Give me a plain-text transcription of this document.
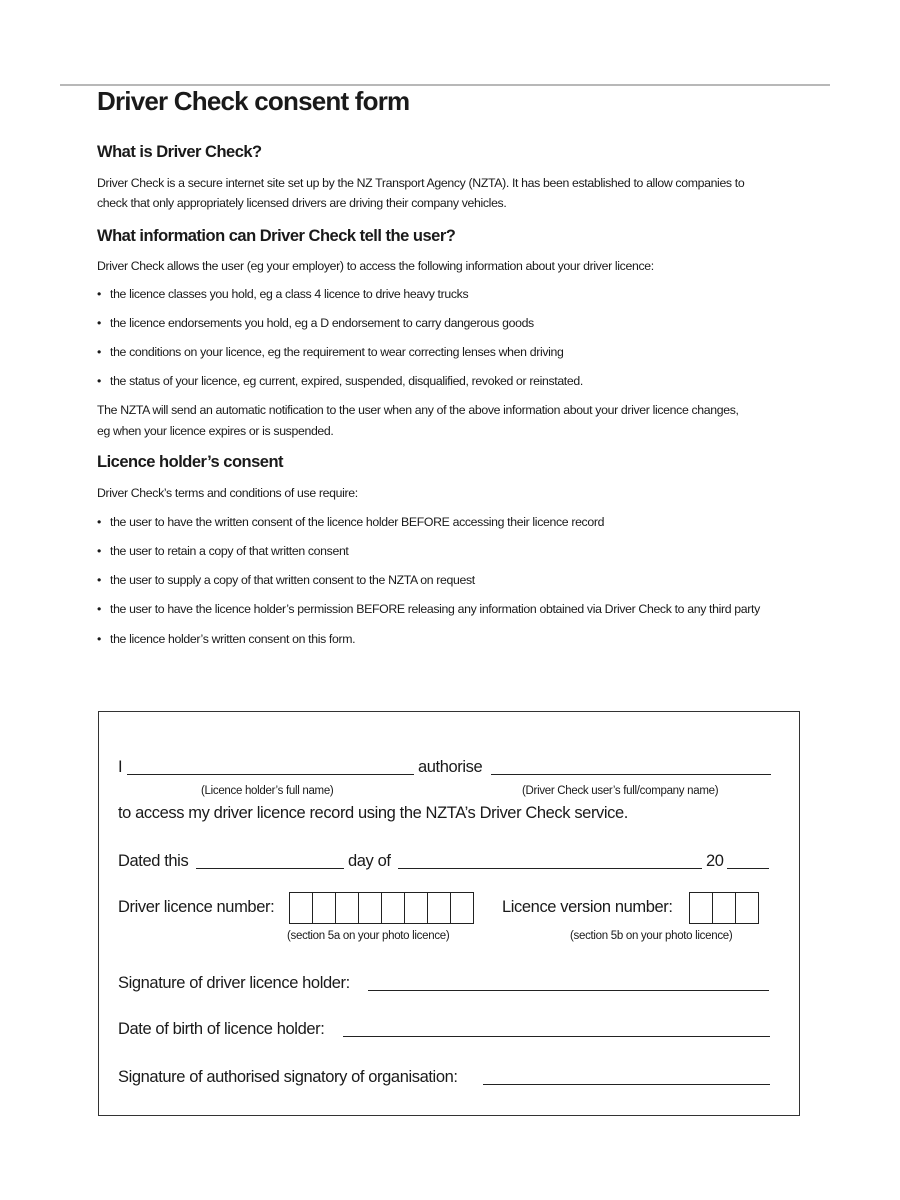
Driver Check consent form
What is Driver Check?
Driver Check is a secure internet site set up by the NZ Transport Agency (NZTA). It has been established to allow companies to
check that only appropriately licensed drivers are driving their company vehicles.
What information can Driver Check tell the user?
Driver Check allows the user (eg your employer) to access the following information about your driver licence:
• the licence classes you hold, eg a class 4 licence to drive heavy trucks
• the licence endorsements you hold, eg a D endorsement to carry dangerous goods
• the conditions on your licence, eg the requirement to wear correcting lenses when driving
• the status of your licence, eg current, expired, suspended, disqualified, revoked or reinstated.
The NZTA will send an automatic notification to the user when any of the above information about your driver licence changes,
eg when your licence expires or is suspended.
Licence holder’s consent
Driver Check’s terms and conditions of use require:
• the user to have the written consent of the licence holder BEFORE accessing their licence record
• the user to retain a copy of that written consent
• the user to supply a copy of that written consent to the NZTA on request
• the user to have the licence holder’s permission BEFORE releasing any information obtained via Driver Check to any third party
• the licence holder’s written consent on this form.
I	authorise
(Licence holder’s full name)	(Driver Check user’s full/company name)
to access my driver licence record using the NZTA’s Driver Check service.
Dated this	day of	20
Driver licence number:
(section 5a on your photo licence)
Licence version number:
(section 5b on your photo licence)
Signature of driver licence holder:
Date of birth of licence holder:
Signature of authorised signatory of organisation:
